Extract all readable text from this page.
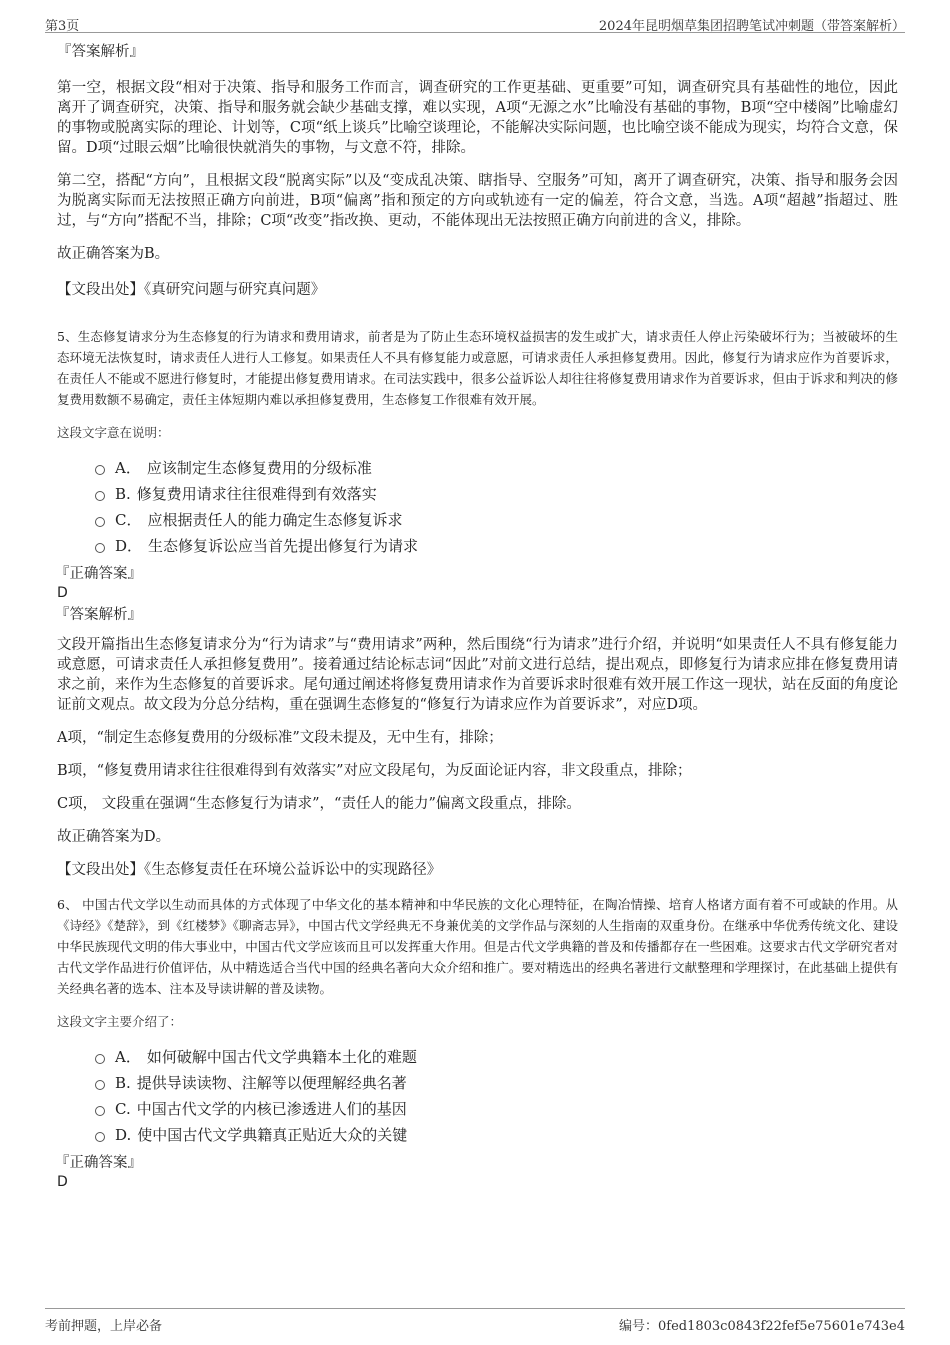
第3页	2024年昆明烟草集团招聘笔试冲刺题（带答案解析）

『答案解析』

第一空，根据文段“相对于决策、指导和服务工作而言，调查研究的工作更基础、更重要”可知，调查研究具有基础性的地位，因此离开了调查研究，决策、指导和服务就会缺少基础支撑，难以实现，A项“无源之水”比喻没有基础的事物，B项“空中楼阁”比喻虚幻的事物或脱离实际的理论、计划等，C项“纸上谈兵”比喻空谈理论，不能解决实际问题，也比喻空谈不能成为现实，均符合文意，保留。D项“过眼云烟”比喻很快就消失的事物，与文意不符，排除。

第二空，搭配“方向”，且根据文段“脱离实际”以及“变成乱决策、瞎指导、空服务”可知，离开了调查研究，决策、指导和服务会因为脱离实际而无法按照正确方向前进，B项“偏离”指和预定的方向或轨迹有一定的偏差，符合文意，当选。A项“超越”指超过、胜过，与“方向”搭配不当，排除；C项“改变”指改换、更动，不能体现出无法按照正确方向前进的含义，排除。

故正确答案为B。

【文段出处】《真研究问题与研究真问题》

5、生态修复请求分为生态修复的行为请求和费用请求，前者是为了防止生态环境权益损害的发生或扩大，请求责任人停止污染破坏行为；当被破坏的生态环境无法恢复时，请求责任人进行人工修复。如果责任人不具有修复能力或意愿，可请求责任人承担修复费用。因此，修复行为请求应作为首要诉求，在责任人不能或不愿进行修复时，才能提出修复费用请求。在司法实践中，很多公益诉讼人却往往将修复费用请求作为首要诉求，但由于诉求和判决的修复费用数额不易确定，责任主体短期内难以承担修复费用，生态修复工作很难有效开展。

这段文字意在说明：

A． 应该制定生态修复费用的分级标准
B. 修复费用请求往往很难得到有效落实
C． 应根据责任人的能力确定生态修复诉求
D． 生态修复诉讼应当首先提出修复行为请求

『正确答案』

D

『答案解析』

文段开篇指出生态修复请求分为“行为请求”与“费用请求”两种，然后围绕“行为请求”进行介绍，并说明“如果责任人不具有修复能力或意愿，可请求责任人承担修复费用”。接着通过结论标志词“因此”对前文进行总结，提出观点，即修复行为请求应排在修复费用请求之前，来作为生态修复的首要诉求。尾句通过阐述将修复费用请求作为首要诉求时很难有效开展工作这一现状，站在反面的角度论证前文观点。故文段为分总分结构，重在强调生态修复的“修复行为请求应作为首要诉求”，对应D项。

A项，“制定生态修复费用的分级标准”文段未提及，无中生有，排除；

B项，“修复费用请求往往很难得到有效落实”对应文段尾句，为反面论证内容，非文段重点，排除；

C项， 文段重在强调“生态修复行为请求”，“责任人的能力”偏离文段重点，排除。

故正确答案为D。

【文段出处】《生态修复责任在环境公益诉讼中的实现路径》

6、 中国古代文学以生动而具体的方式体现了中华文化的基本精神和中华民族的文化心理特征，在陶冶情操、培育人格诸方面有着不可或缺的作用。从《诗经》《楚辞》，到《红楼梦》《聊斋志异》，中国古代文学经典无不身兼优美的文学作品与深刻的人生指南的双重身份。在继承中华优秀传统文化、建设中华民族现代文明的伟大事业中，中国古代文学应该而且可以发挥重大作用。但是古代文学典籍的普及和传播都存在一些困难。这要求古代文学研究者对古代文学作品进行价值评估，从中精选适合当代中国的经典名著向大众介绍和推广。要对精选出的经典名著进行文献整理和学理探讨，在此基础上提供有关经典名著的选本、注本及导读讲解的普及读物。

这段文字主要介绍了：

A． 如何破解中国古代文学典籍本土化的难题
B. 提供导读读物、注解等以便理解经典名著
C. 中国古代文学的内核已渗透进人们的基因
D. 使中国古代文学典籍真正贴近大众的关键

『正确答案』

D

考前押题，上岸必备	编号：0fed1803c0843f22fef5e75601e743e4
